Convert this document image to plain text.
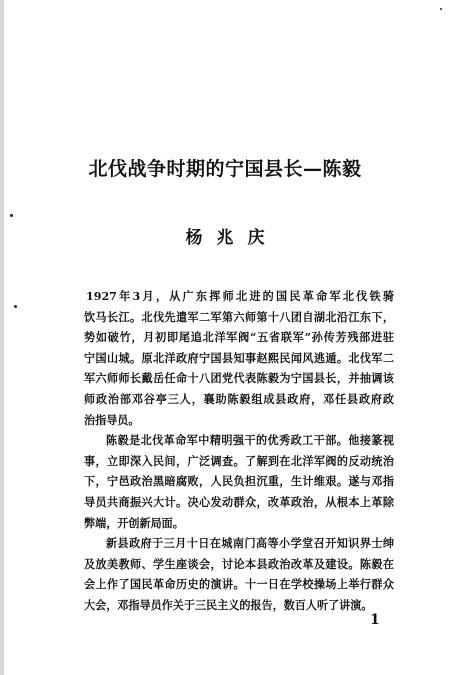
北伐战争时期的宁国县长—陈毅
杨兆庆
1927年3月，从广东挥师北进的国民革命军北伐铁骑
饮马长江。北伐先遣军二军第六师第十八团自湖北沿江东下，
势如破竹，月初即尾追北洋军阀“五省联军”孙传芳残部进驻
宁国山城。原北洋政府宁国县知事赵熙民闻风逃遁。北伐军二
军六师师长戴岳任命十八团党代表陈毅为宁国县长，并抽调该
师政治部邓谷亭三人，襄助陈毅组成县政府，邓任县政府政
治指导员。
陈毅是北伐革命军中精明强干的优秀政工干部。他接篆视
事，立即深入民间，广泛调查。了解到在北洋军阀的反动统治
下，宁邑政治黑暗腐败，人民负担沉重，生计维艰。遂与邓指
导员共商振兴大计。决心发动群众，改革政治，从根本上革除
弊端，开创新局面。
新县政府于三月十日在城南门高等小学堂召开知识界士绅
及放美教师、学生座谈会，讨论本县政治改革及建设。陈毅在
会上作了国民革命历史的演讲。十一日在学校操场上举行群众
大会，邓指导员作关于三民主义的报告，数百人听了讲演。
1
